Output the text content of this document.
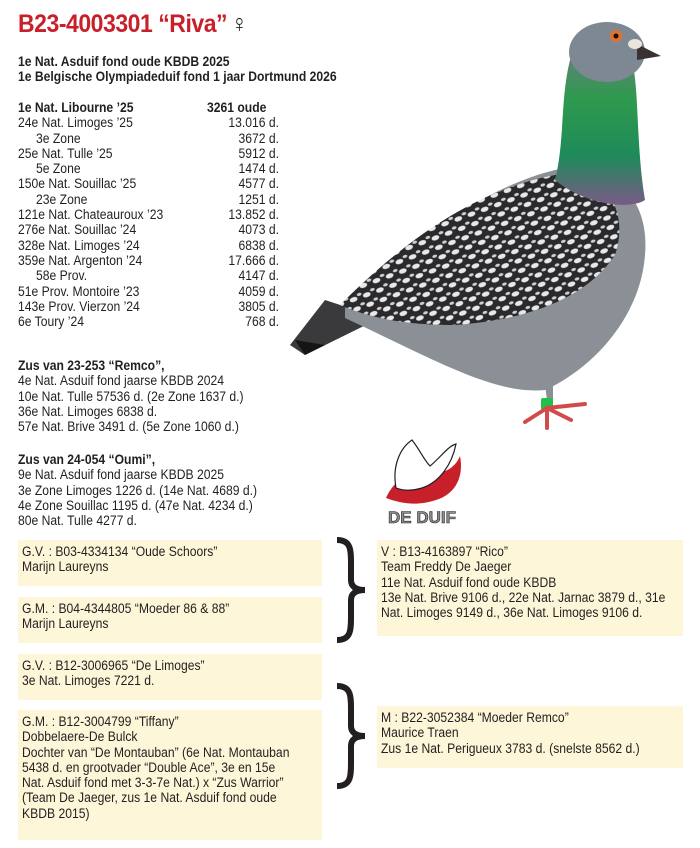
B23-4003301 “Riva” ♀
1e Nat. Asduif fond oude KBDB 2025
1e Belgische Olympiadeduif fond 1 jaar Dortmund 2026
1e Nat. Libourne ’25	3261 oude
24e Nat. Limoges ’25	13.016 d.
3e Zone	3672 d.
25e Nat. Tulle ’25	5912 d.
5e Zone	1474 d.
150e Nat. Souillac ’25	4577 d.
23e Zone	1251 d.
121e Nat. Chateauroux ’23	13.852 d.
276e Nat. Souillac ’24	4073 d.
328e Nat. Limoges ’24	6838 d.
359e Nat. Argenton ’24	17.666 d.
58e Prov.	4147 d.
51e Prov. Montoire ’23	4059 d.
143e Prov. Vierzon ’24	3805 d.
6e Toury ’24	768 d.
Zus van 23-253 “Remco”,
4e Nat. Asduif fond jaarse KBDB 2024
10e Nat. Tulle 57536 d. (2e Zone 1637 d.)
36e Nat. Limoges 6838 d.
57e Nat. Brive 3491 d. (5e Zone 1060 d.)
Zus van 24-054 “Oumi”,
9e Nat. Asduif fond jaarse KBDB 2025
3e Zone Limoges 1226 d. (14e Nat. 4689 d.)
4e Zone Souillac 1195 d. (47e Nat. 4234 d.)
80e Nat. Tulle 4277 d.	DE DUIF
G.V. : B03-4334134 “Oude Schoors”
Marijn Laureyns
G.M. : B04-4344805 “Moeder 86 & 88”
Marijn Laureyns
G.V. : B12-3006965 “De Limoges”
3e Nat. Limoges 7221 d.
G.M. : B12-3004799 “Tiffany”
Dobbelaere-De Bulck
Dochter van “De Montauban” (6e Nat. Montauban
5438 d. en grootvader “Double Ace”, 3e en 15e
Nat. Asduif fond met 3-3-7e Nat.) x “Zus Warrior”
(Team De Jaeger, zus 1e Nat. Asduif fond oude
KBDB 2015)
V : B13-4163897 “Rico”
Team Freddy De Jaeger
11e Nat. Asduif fond oude KBDB
13e Nat. Brive 9106 d., 22e Nat. Jarnac 3879 d., 31e
Nat. Limoges 9149 d., 36e Nat. Limoges 9106 d.
M : B22-3052384 “Moeder Remco”
Maurice Traen
Zus 1e Nat. Perigueux 3783 d. (snelste 8562 d.)
